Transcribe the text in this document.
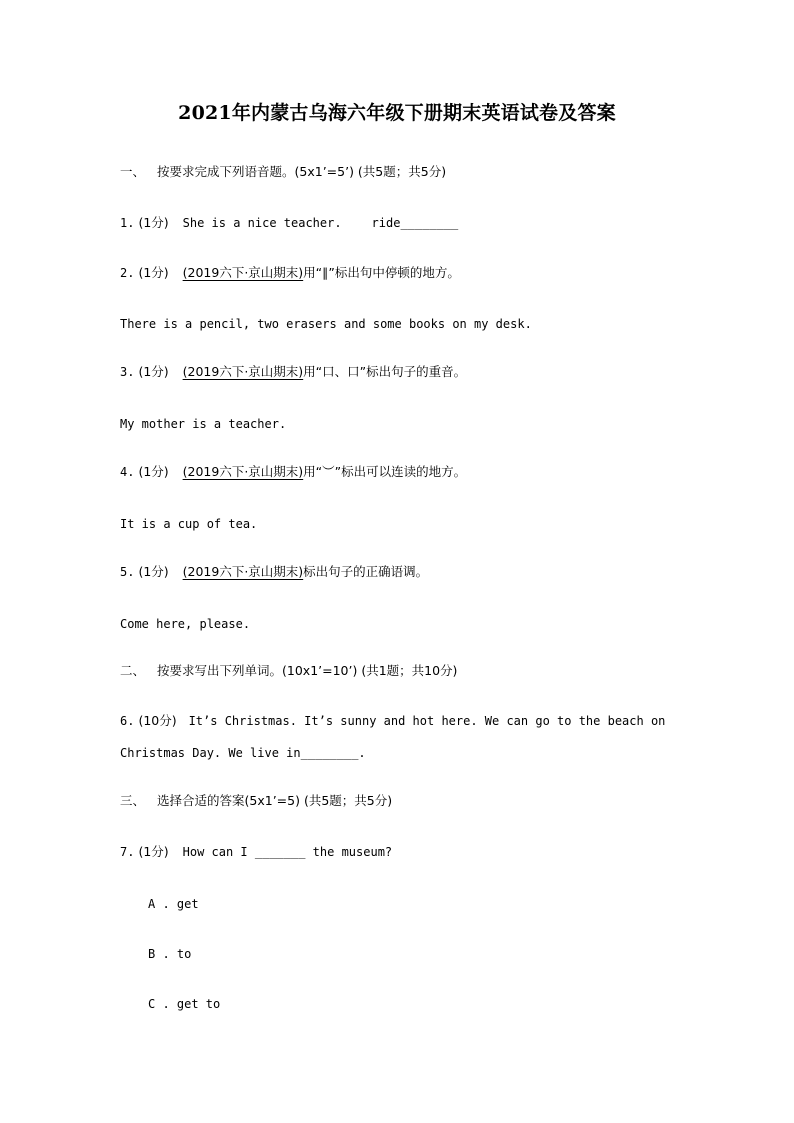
2021年内蒙古乌海六年级下册期末英语试卷及答案
一、 按要求完成下列语音题。(5x1’=5’) (共5题；共5分)
1. (1分) She is a nice teacher. ride________
2. (1分) (2019六下·京山期末)用“∥”标出句中停顿的地方。
There is a pencil, two erasers and some books on my desk.
3. (1分) (2019六下·京山期末)用“口、口”标出句子的重音。
My mother is a teacher.
4. (1分) (2019六下·京山期末)用“︶”标出可以连读的地方。
It is a cup of tea.
5. (1分) (2019六下·京山期末)标出句子的正确语调。
Come here, please.
二、 按要求写出下列单词。(10x1’=10’) (共1题；共10分)
6. (10分) It’s Christmas. It’s sunny and hot here. We can go to the beach on
Christmas Day. We live in________.
三、 选择合适的答案(5x1’=5) (共5题；共5分)
7. (1分) How can I _______ the museum?
A . get
B . to
C . get to
